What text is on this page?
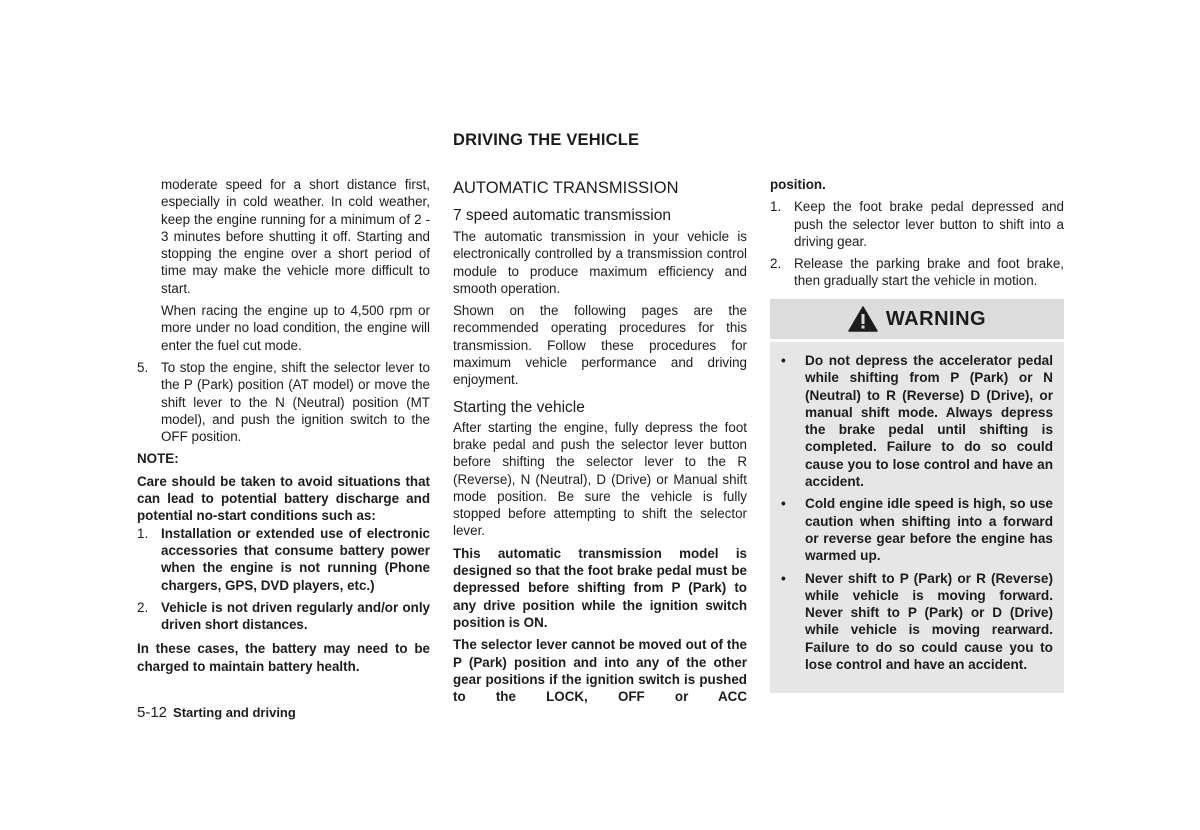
DRIVING THE VEHICLE

moderate speed for a short distance first, especially in cold weather. In cold weather, keep the engine running for a minimum of 2 - 3 minutes before shutting it off. Starting and stopping the engine over a short period of time may make the vehicle more difficult to start.

When racing the engine up to 4,500 rpm or more under no load condition, the engine will enter the fuel cut mode.

5. To stop the engine, shift the selector lever to the P (Park) position (AT model) or move the shift lever to the N (Neutral) position (MT model), and push the ignition switch to the OFF position.

NOTE:

Care should be taken to avoid situations that can lead to potential battery discharge and potential no-start conditions such as:

1. Installation or extended use of electronic accessories that consume battery power when the engine is not running (Phone chargers, GPS, DVD players, etc.)
2. Vehicle is not driven regularly and/or only driven short distances.

In these cases, the battery may need to be charged to maintain battery health.

AUTOMATIC TRANSMISSION

7 speed automatic transmission

The automatic transmission in your vehicle is electronically controlled by a transmission control module to produce maximum efficiency and smooth operation.

Shown on the following pages are the recommended operating procedures for this transmission. Follow these procedures for maximum vehicle performance and driving enjoyment.

Starting the vehicle

After starting the engine, fully depress the foot brake pedal and push the selector lever button before shifting the selector lever to the R (Reverse), N (Neutral), D (Drive) or Manual shift mode position. Be sure the vehicle is fully stopped before attempting to shift the selector lever.

This automatic transmission model is designed so that the foot brake pedal must be depressed before shifting from P (Park) to any drive position while the ignition switch position is ON.

The selector lever cannot be moved out of the P (Park) position and into any of the other gear positions if the ignition switch is pushed to the LOCK, OFF or ACC

position.

1. Keep the foot brake pedal depressed and push the selector lever button to shift into a driving gear.
2. Release the parking brake and foot brake, then gradually start the vehicle in motion.
WARNING
• Do not depress the accelerator pedal while shifting from P (Park) or N (Neutral) to R (Reverse) D (Drive), or manual shift mode. Always depress the brake pedal until shifting is completed. Failure to do so could cause you to lose control and have an accident.
• Cold engine idle speed is high, so use caution when shifting into a forward or reverse gear before the engine has warmed up.
• Never shift to P (Park) or R (Reverse) while vehicle is moving forward. Never shift to P (Park) or D (Drive) while vehicle is moving rearward. Failure to do so could cause you to lose control and have an accident.
5-12 Starting and driving
